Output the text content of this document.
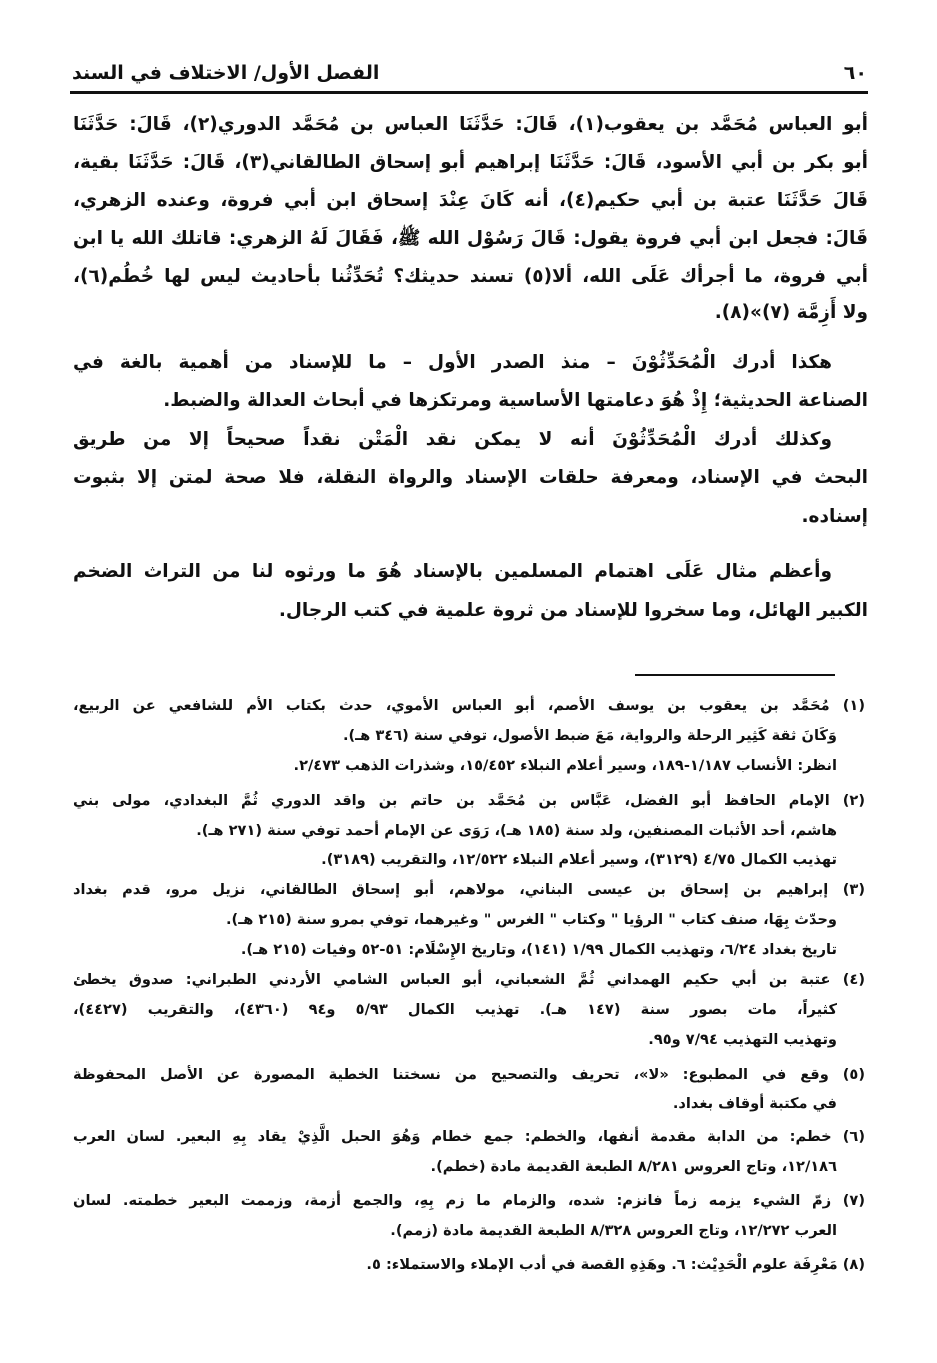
٦٠
الفصل الأول/ الاختلاف في السند
أبو العباس مُحَمَّد بن يعقوب(١)، قَالَ: حَدَّثَنَا العباس بن مُحَمَّد الدوري(٢)، قَالَ: حَدَّثَنَا
أبو بكر بن أبي الأسود، قَالَ: حَدَّثَنَا إبراهيم أبو إسحاق الطالقاني(٣)، قَالَ: حَدَّثَنَا بقية،
قَالَ حَدَّثَنَا عتبة بن أبي حكيم(٤)، أنه كَانَ عِنْدَ إسحاق ابن أبي فروة، وعنده الزهري،
قَالَ: فجعل ابن أبي فروة يقول: قَالَ رَسُوْل الله ﷺ، فَقَالَ لَهُ الزهري: قاتلك الله يا ابن
أبي فروة، ما أجرأك عَلَى الله، ألا(٥) تسند حديثك؟ تُحَدِّثُنا بأحاديث ليس لها خُطُم(٦)،
ولا أَزِمَّة (٧)»(٨).
هكذا أدرك الْمُحَدِّثُوْنَ – منذ الصدر الأول – ما للإسناد من أهمية بالغة في
الصناعة الحديثية؛ إِذْ هُوَ دعامتها الأساسية ومرتكزها في أبحاث العدالة والضبط.
وكذلك أدرك الْمُحَدِّثُوْنَ أنه لا يمكن نقد الْمَتْن نقداً صحيحاً إلا من طريق
البحث في الإسناد، ومعرفة حلقات الإسناد والرواة النقلة، فلا صحة لمتن إلا بثبوت
إسناده.
وأعظم مثال عَلَى اهتمام المسلمين بالإسناد هُوَ ما ورثوه لنا من التراث الضخم
الكبير الهائل، وما سخروا للإسناد من ثروة علمية في كتب الرجال.
(١) مُحَمَّد بن يعقوب بن يوسف الأصم، أبو العباس الأموي، حدث بكتاب الأم للشافعي عن الربيع،
وَكَانَ ثقة كَثِير الرحلة والرواية، مَعَ ضبط الأصول، توفي سنة (٣٤٦ هـ).
انظر: الأنساب ١/١٨٧-١٨٩، وسير أعلام النبلاء ١٥/٤٥٢، وشذرات الذهب ٢/٤٧٣.
(٢) الإمام الحافظ أبو الفضل، عَبَّاس بن مُحَمَّد بن حاتم بن واقد الدوري ثُمَّ البغدادي، مولى بني
هاشم، أحد الأثبات المصنفين، ولد سنة (١٨٥ هـ)، رَوَى عن الإمام أحمد توفي سنة (٢٧١ هـ).
تهذيب الكمال ٤/٧٥ (٣١٢٩)، وسير أعلام النبلاء ١٢/٥٢٢، والتقريب (٣١٨٩).
(٣) إبراهيم بن إسحاق بن عيسى البناني، مولاهم، أبو إسحاق الطالقاني، نزيل مرو، قدم بغداد
وحدّث بِهَا، صنف كتاب " الرؤيا " وكتاب " الغرس " وغيرهما، توفي بمرو سنة (٢١٥ هـ).
تاريخ بغداد ٦/٢٤، وتهذيب الكمال ١/٩٩ (١٤١)، وتاريخ الإِسْلَام: ٥١-٥٢ وفيات (٢١٥ هـ).
(٤) عتبة بن أبي حكيم الهمداني ثُمَّ الشعباني، أبو العباس الشامي الأردني الطبراني: صدوق يخطئ
كثيراً، مات بصور سنة (١٤٧ هـ). تهذيب الكمال ٥/٩٣ و٩٤ (٤٣٦٠)، والتقريب (٤٤٢٧)،
وتهذيب التهذيب ٧/٩٤ و٩٥.
(٥) وقع في المطبوع: «لا»، تحريف والتصحيح من نسختنا الخطية المصورة عن الأصل المحفوظة
في مكتبة أوقاف بغداد.
(٦) خطم: من الدابة مقدمة أنفها، والخطم: جمع خطام وَهُوَ الحبل الَّذِيْ يقاد بِهِ البعير. لسان العرب
١٢/١٨٦، وتاج العروس ٨/٢٨١ الطبعة القديمة مادة (خطم).
(٧) زمّ الشيء يزمه زماً فانزم: شده، والزمام ما زم بِهِ، والجمع أزمة، وزممت البعير خطمته. لسان
العرب ١٢/٢٧٢، وتاج العروس ٨/٣٢٨ الطبعة القديمة مادة (زمم).
(٨) مَعْرِفَة علوم الْحَدِيْث: ٦. وهَذِهِ القصة في أدب الإملاء والاستملاء: ٥.
